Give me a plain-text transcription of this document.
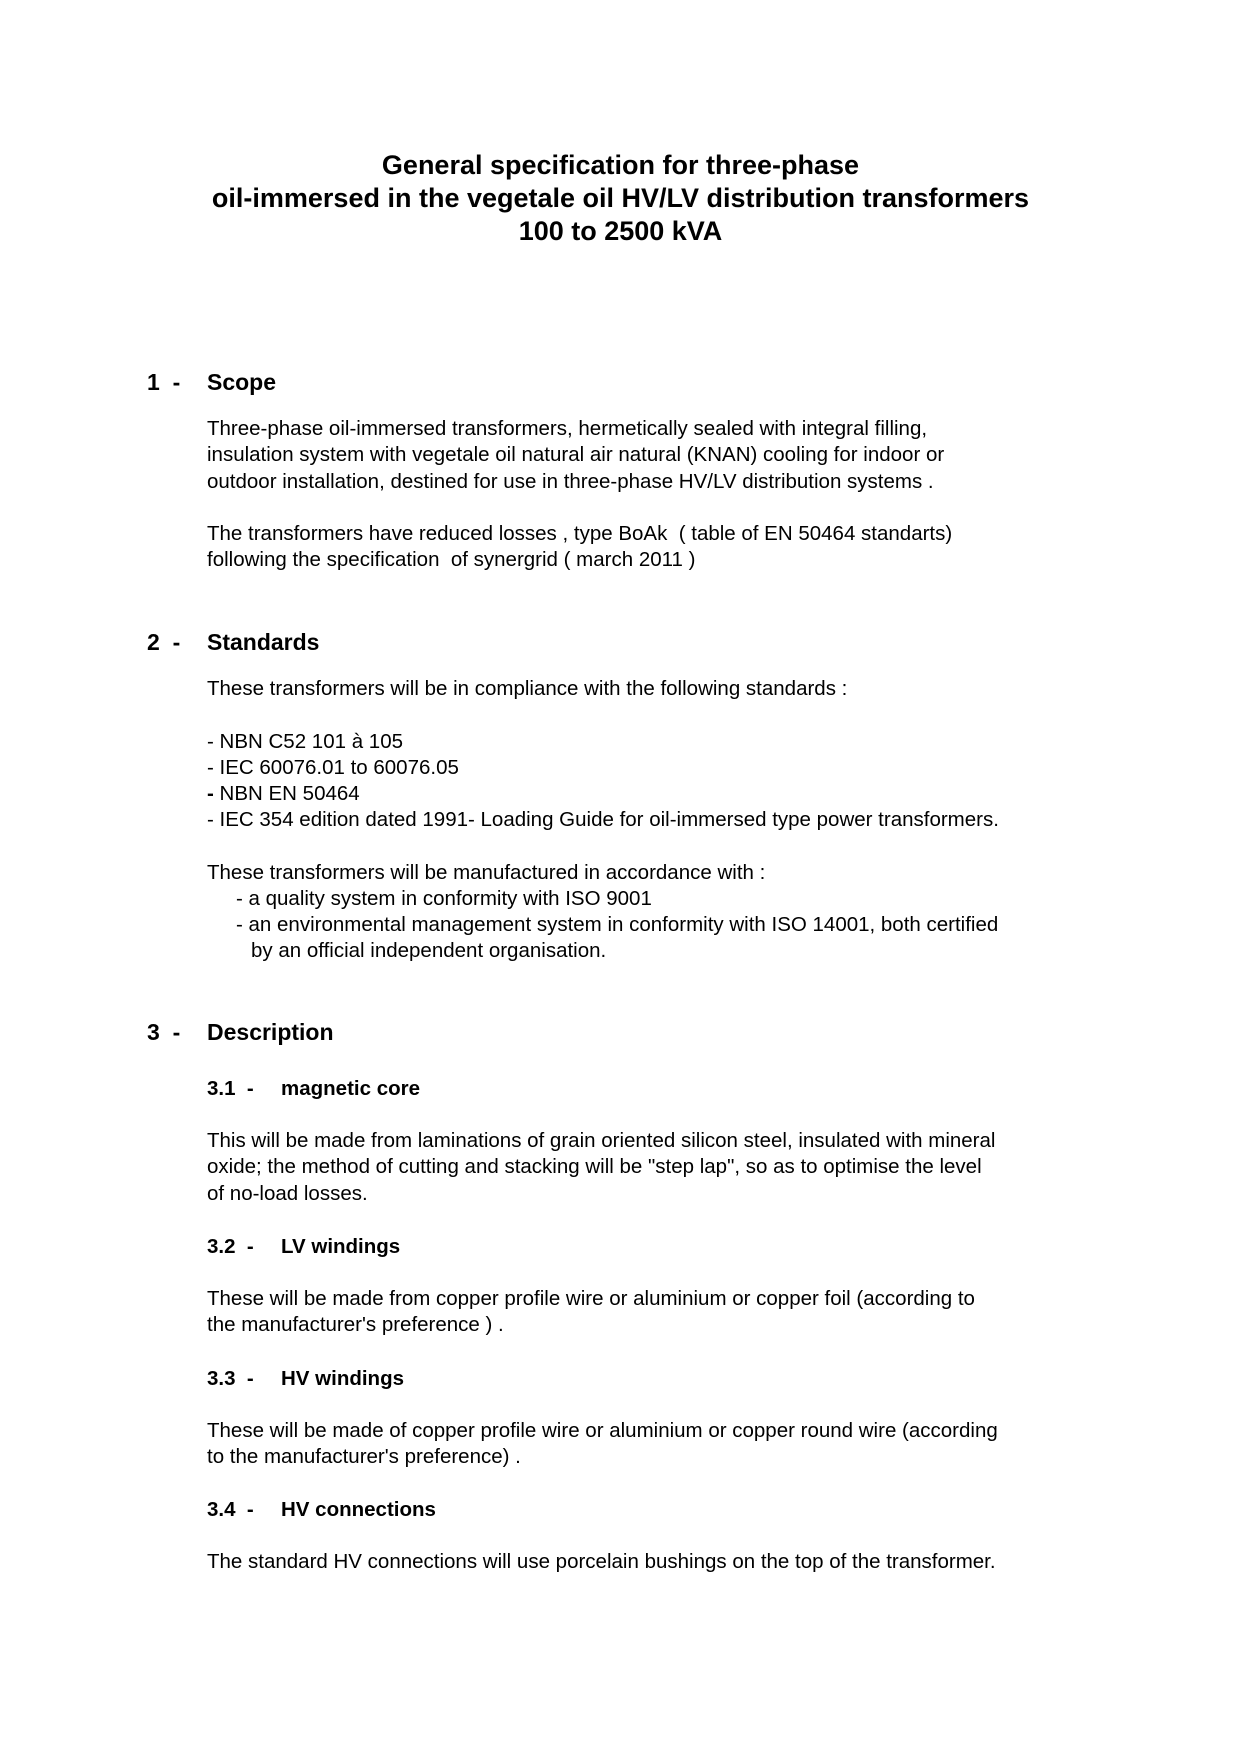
General specification for three-phase
oil-immersed in the vegetale oil HV/LV distribution transformers
100 to 2500 kVA
1  - Scope
Three-phase oil-immersed transformers, hermetically sealed with integral filling,
insulation system with vegetale oil natural air natural (KNAN) cooling for indoor or
outdoor installation, destined for use in three-phase HV/LV distribution systems .
The transformers have reduced losses , type BoAk  ( table of EN 50464 standarts)
following the specification  of synergrid ( march 2011 )
2  - Standards
These transformers will be in compliance with the following standards :
- NBN C52 101 à 105
- IEC 60076.01 to 60076.05
- NBN EN 50464
- IEC 354 edition dated 1991- Loading Guide for oil-immersed type power transformers.
These transformers will be manufactured in accordance with :
- a quality system in conformity with ISO 9001
- an environmental management system in conformity with ISO 14001, both certified
by an official independent organisation.
3  - Description
3.1  - magnetic core
This will be made from laminations of grain oriented silicon steel, insulated with mineral
oxide; the method of cutting and stacking will be "step lap", so as to optimise the level
of no-load losses.
3.2  - LV windings
These will be made from copper profile wire or aluminium or copper foil (according to
the manufacturer's preference ) .
3.3  - HV windings
These will be made of copper profile wire or aluminium or copper round wire (according
to the manufacturer's preference) .
3.4  - HV connections
The standard HV connections will use porcelain bushings on the top of the transformer.
